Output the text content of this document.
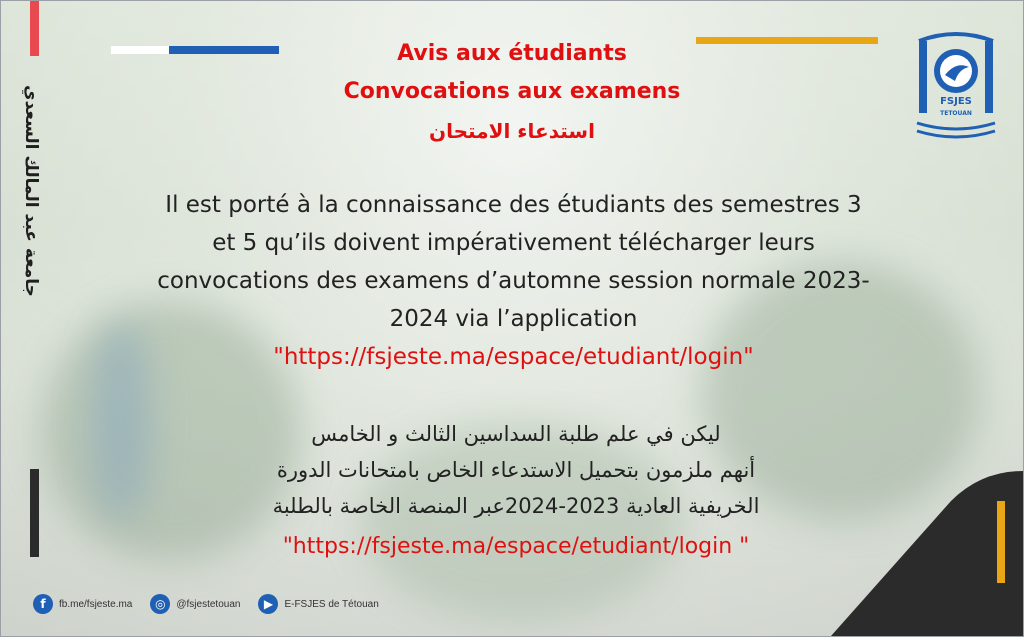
جامعة عبد المالك السعدي
Avis aux étudiants
Convocations aux examens
استدعاء الامتحان
FSJES
TETOUAN
Il est porté à la connaissance des étudiants des semestres 3
et 5 qu’ils doivent impérativement télécharger leurs
convocations des examens d’automne session normale 2023-
2024 via l’application
"https://fsjeste.ma/espace/etudiant/login"
ليكن في علم طلبة السداسين الثالث و الخامس
أنهم ملزمون بتحميل الاستدعاء الخاص بامتحانات الدورة
الخريفية العادية 2023-2024عبر المنصة الخاصة بالطلبة
"https://fsjeste.ma/espace/etudiant/login "
f	fb.me/fsjeste.ma	◎	@fsjestetouan	▶	E-FSJES de Tétouan
